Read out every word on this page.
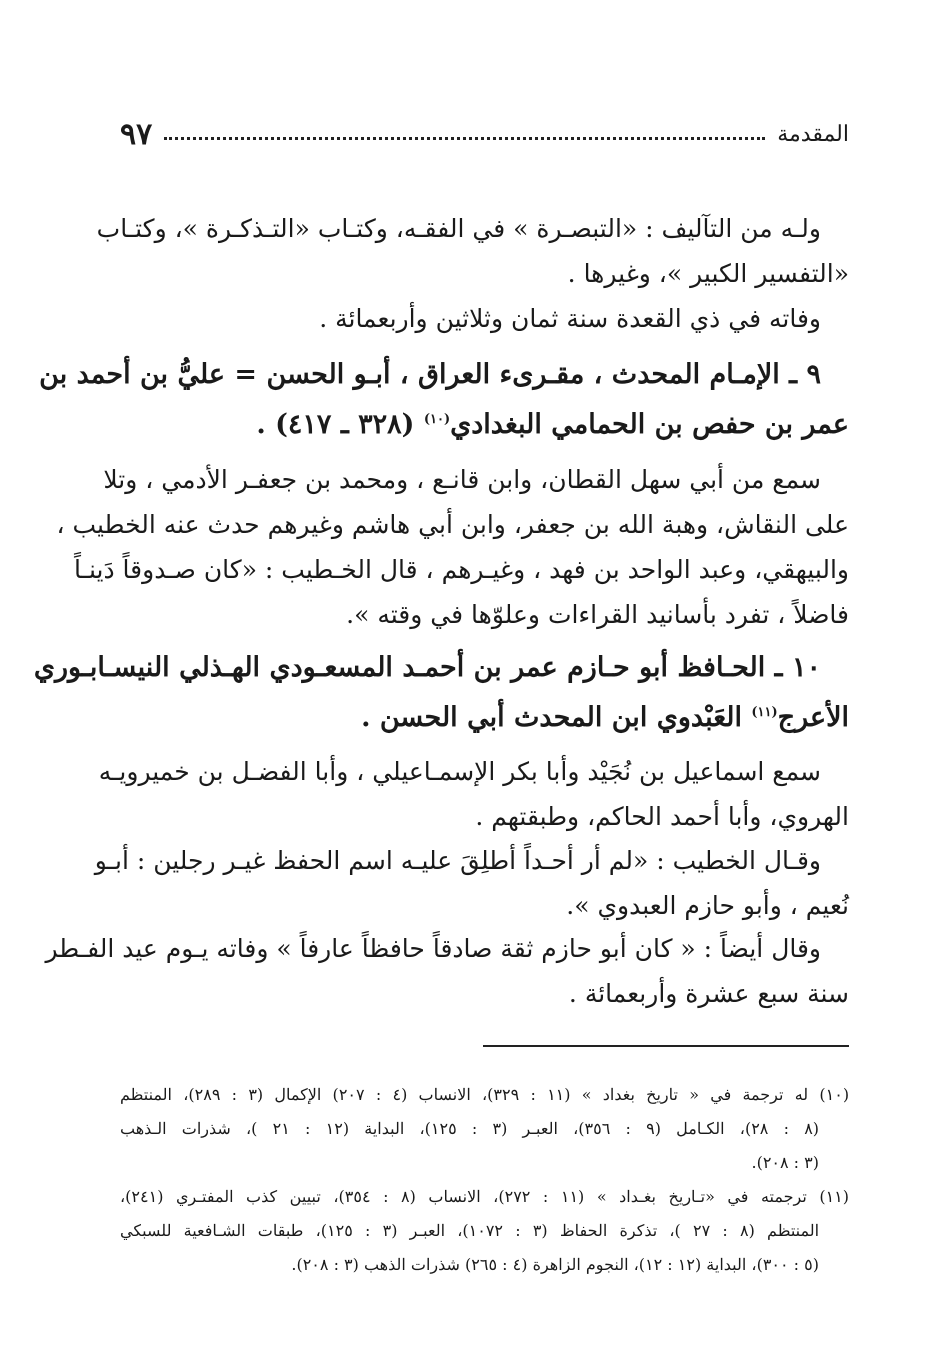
المقدمة
٩٧
ولـه من التآليف : «التبصـرة » في الفقـه، وكتـاب «التـذكـرة »، وكتـاب
«التفسير الكبير »، وغيرها .
وفاته في ذي القعدة سنة ثمان وثلاثين وأربعمائة .
٩ ـ الإمـام المحدث ، مقـرىء العراق ، أبـو الحسن = عليُّ بن أحمد بن
عمر بن حفص بن الحمامي البغدادي$^{(١٠)}$ (٣٢٨ ـ ٤١٧) .
سمع من أبي سهل القطان، وابن قانـع ، ومحمد بن جعفـر الأدمي ، وتلا
على النقاش، وهبة الله بن جعفر، وابن أبي هاشم وغيرهم حدث عنه الخطيب ،
والبيهقي، وعبد الواحد بن فهد ، وغيـرهم ، قال الخـطيب : «كان صـدوقاً دَينـاً
فاضلاً ، تفرد بأسانيد القراءات وعلوّها في وقته ».
١٠ ـ الحـافظ أبو حـازم عمر بن أحمـد المسعـودي الهـذلي النيسـابـوري
الأعرج$^{(١١)}$ العَبْدوي ابن المحدث أبي الحسن .
سمع اسماعيل بن نُجَيْد وأبا بكر الإسمـاعيلي ، وأبا الفضـل بن خميرويـه
الهروي، وأبا أحمد الحاكم، وطبقتهم .
وقـال الخطيب : «لم أر أحـداً أطلِقَ عليـه اسم الحفظ غيـر رجلين : أبـو
نُعيم ، وأبو حازم العبدوي ».
وقال أيضاً : « كان أبو حازم ثقة صادقاً حافظاً عارفاً » وفاته يـوم عيد الفـطر
سنة سبع عشرة وأربعمائة .
(١٠) له ترجمة في « تاريخ بغداد » (١١ : ٣٢٩)، الانساب (٤ : ٢٠٧) الإكمال (٣ : ٢٨٩)، المنتظم
(٨ : ٢٨)، الكـامل (٩ : ٣٥٦)، العبـر (٣ : ١٢٥)، البداية (١٢ : ٢١ )، شذرات الـذهب
(٣ : ٢٠٨).
(١١) ترجمته في «تـاريخ بغـداد » (١١ : ٢٧٢)، الانساب (٨ : ٣٥٤)، تبيين كذب المفتـري (٢٤١)،
المنتظم (٨ : ٢٧ )، تذكرة الحفاظ (٣ : ١٠٧٢)، العبـر (٣ : ١٢٥)، طبقات الشـافعية للسبكي
(٥ : ٣٠٠)، البداية (١٢ : ١٢)، النجوم الزاهرة (٤ : ٢٦٥) شذرات الذهب (٣ : ٢٠٨).
